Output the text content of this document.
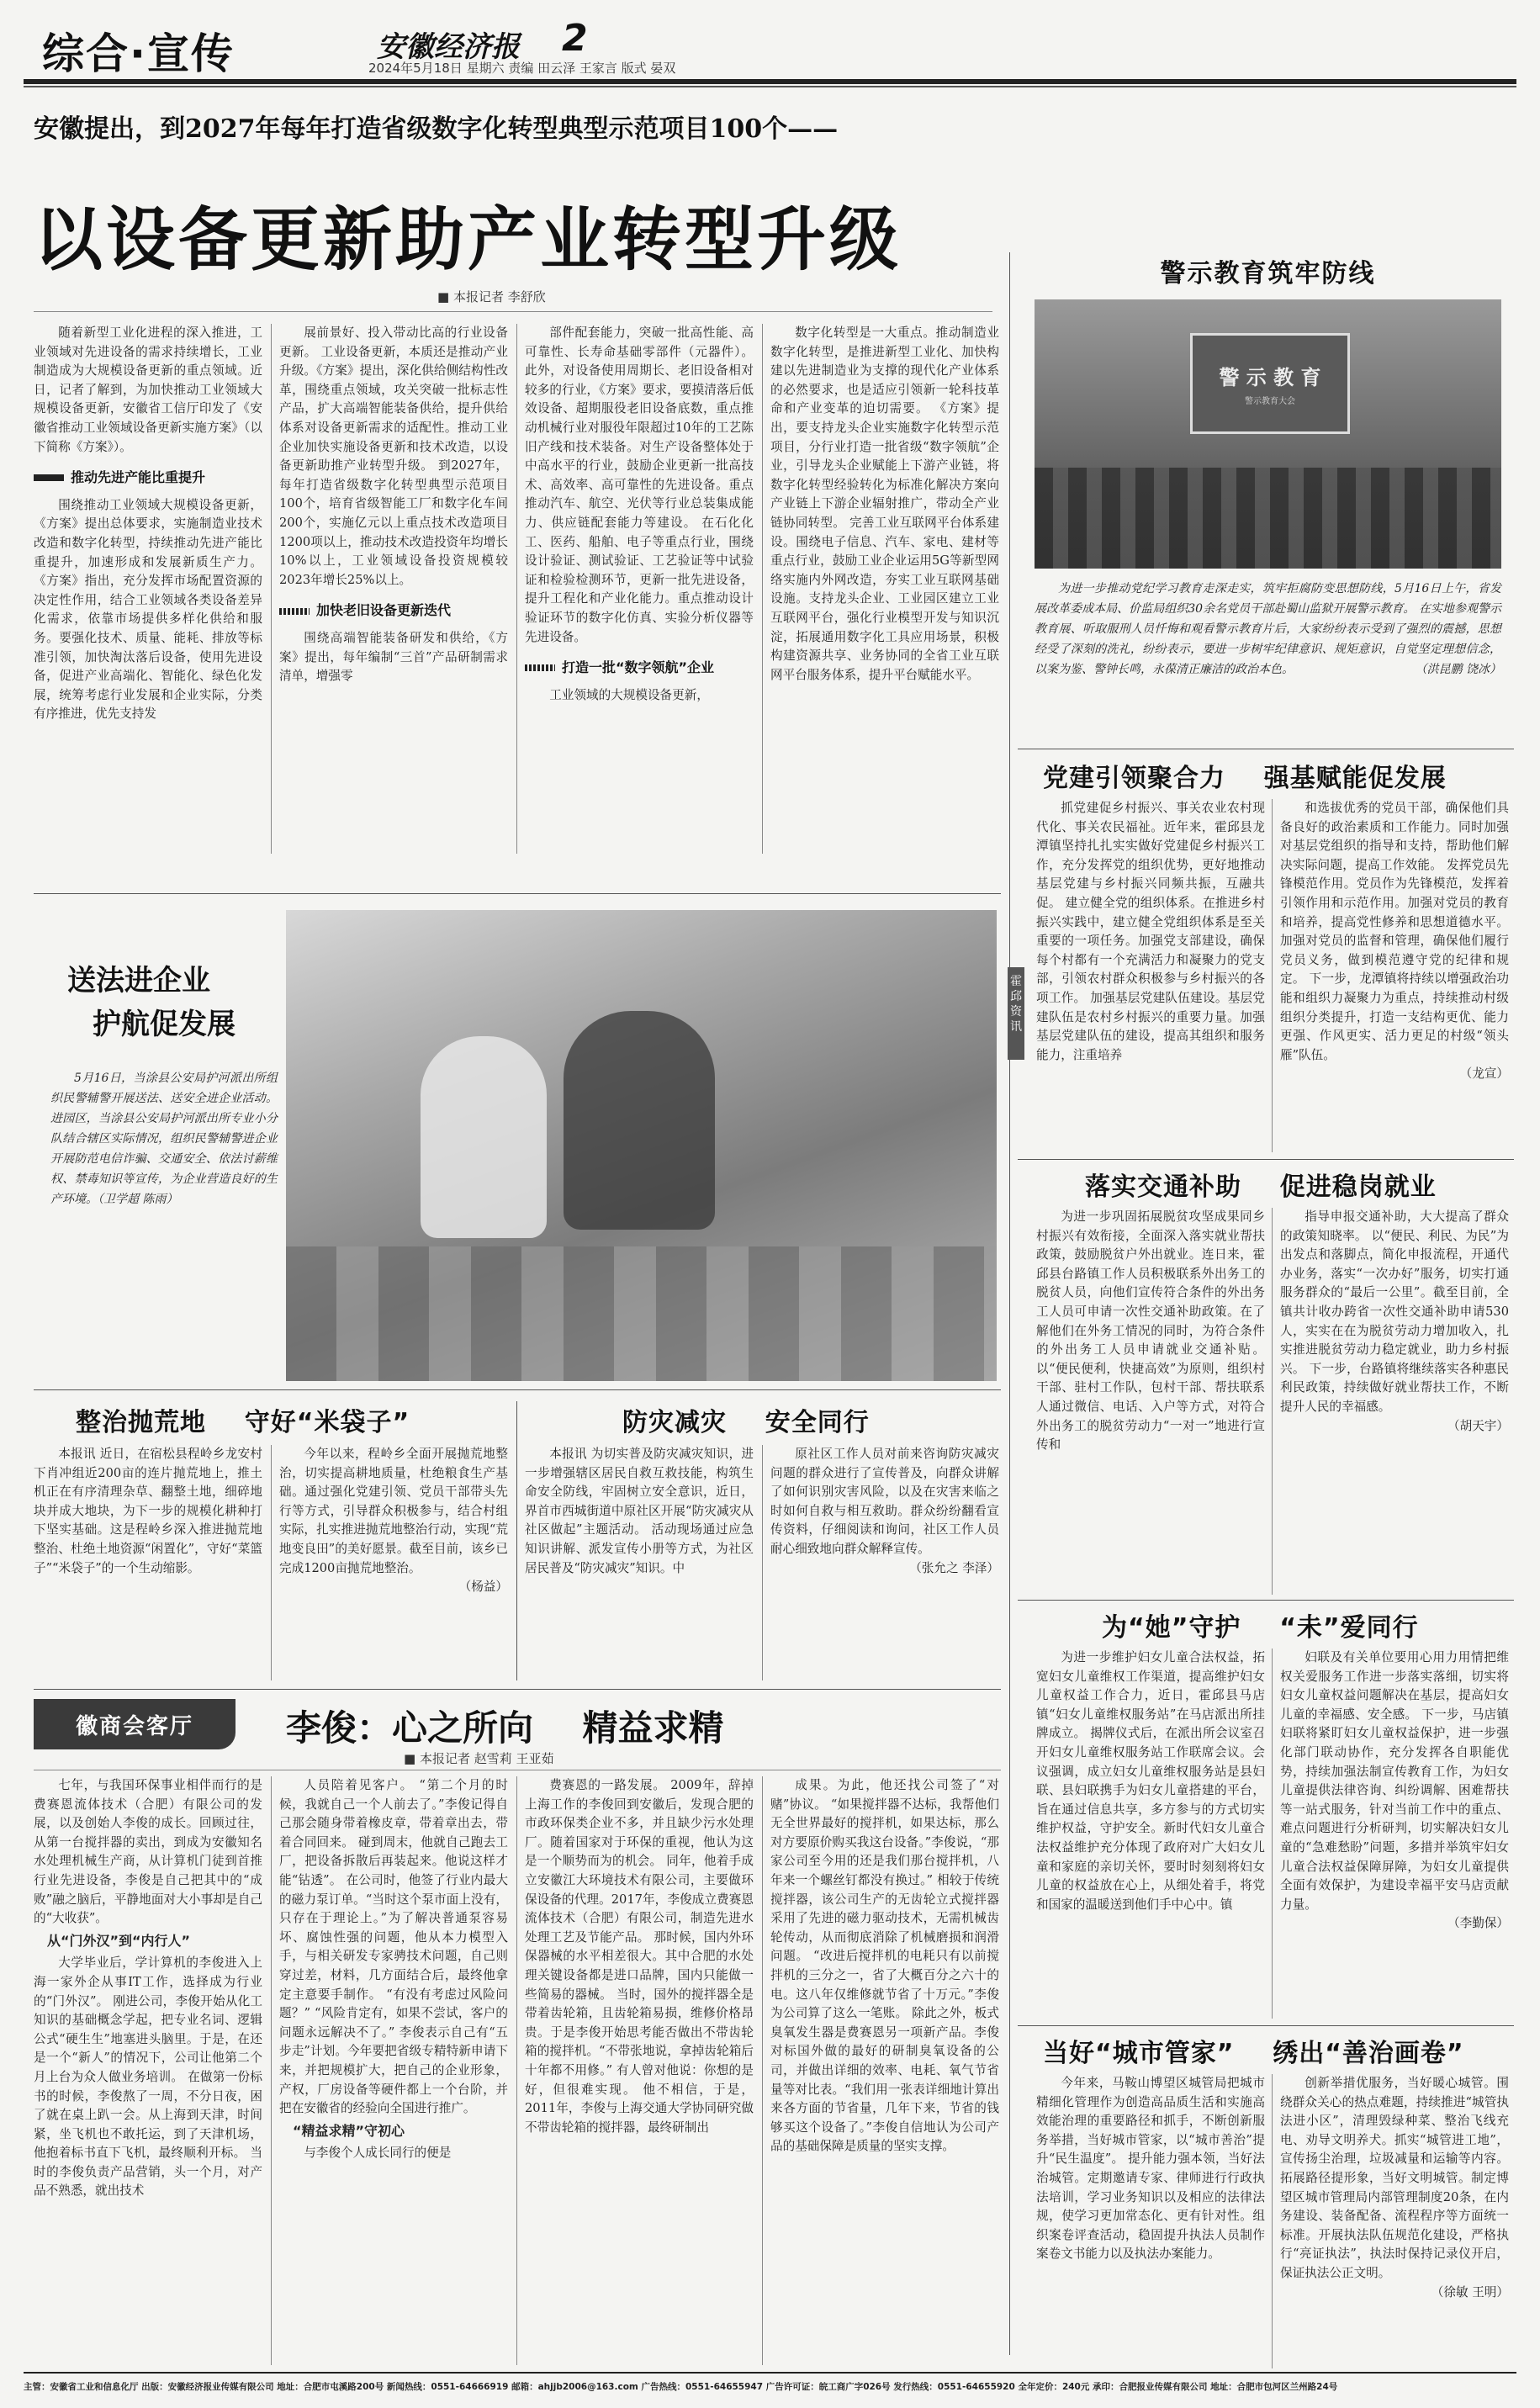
综合·宣传	安徽经济报 2
2024年5月18日 星期六 责编 田云泽 王家言 版式 晏双
安徽提出，到2027年每年打造省级数字化转型典型示范项目100个——
以设备更新助产业转型升级
■ 本报记者 李舒欣

随着新型工业化进程的深入推进，工业领域对先进设备的需求持续增长，工业制造成为大规模设备更新的重点领域。近日，记者了解到，为加快推动工业领域大规模设备更新，安徽省工信厅印发了《安徽省推动工业领域设备更新实施方案》（以下简称《方案》）。

推动先进产能比重提升

围绕推动工业领域大规模设备更新，《方案》提出总体要求，实施制造业技术改造和数字化转型，持续推动先进产能比重提升，加速形成和发展新质生产力。 《方案》指出，充分发挥市场配置资源的决定性作用，结合工业领域各类设备差异化需求，依靠市场提供多样化供给和服务。要强化技术、质量、能耗、排放等标准引领，加快淘汰落后设备，使用先进设备，促进产业高端化、智能化、绿色化发展，统筹考虑行业发展和企业实际，分类有序推进，优先支持发

展前景好、投入带动比高的行业设备更新。 工业设备更新，本质还是推动产业升级。《方案》提出，深化供给侧结构性改革，围绕重点领域，攻关突破一批标志性产品，扩大高端智能装备供给，提升供给体系对设备更新需求的适配性。推动工业企业加快实施设备更新和技术改造，以设备更新助推产业转型升级。 到2027年，每年打造省级数字化转型典型示范项目100个，培育省级智能工厂和数字化车间200个，实施亿元以上重点技术改造项目1200项以上，推动技术改造投资年均增长10%以上，工业领域设备投资规模较2023年增长25%以上。

加快老旧设备更新迭代

围绕高端智能装备研发和供给，《方案》提出，每年编制“三首”产品研制需求清单，增强零

部件配套能力，突破一批高性能、高可靠性、长寿命基础零部件（元器件）。 此外，对设备使用周期长、老旧设备相对较多的行业，《方案》要求，要摸清落后低效设备、超期服役老旧设备底数，重点推动机械行业对服役年限超过10年的工艺陈旧产线和技术装备。对生产设备整体处于中高水平的行业，鼓励企业更新一批高技术、高效率、高可靠性的先进设备。重点推动汽车、航空、光伏等行业总装集成能力、供应链配套能力等建设。 在石化化工、医药、船舶、电子等重点行业，围绕设计验证、测试验证、工艺验证等中试验证和检验检测环节，更新一批先进设备，提升工程化和产业化能力。重点推动设计验证环节的数字化仿真、实验分析仪器等先进设备。

打造一批“数字领航”企业

工业领域的大规模设备更新，

数字化转型是一大重点。推动制造业数字化转型，是推进新型工业化、加快构建以先进制造业为支撑的现代化产业体系的必然要求，也是适应引领新一轮科技革命和产业变革的迫切需要。 《方案》提出，要支持龙头企业实施数字化转型示范项目，分行业打造一批省级“数字领航”企业，引导龙头企业赋能上下游产业链，将数字化转型经验转化为标准化解决方案向产业链上下游企业辐射推广，带动全产业链协同转型。 完善工业互联网平台体系建设。围绕电子信息、汽车、家电、建材等重点行业，鼓励工业企业运用5G等新型网络实施内外网改造，夯实工业互联网基础设施。支持龙头企业、工业园区建立工业互联网平台，强化行业模型开发与知识沉淀，拓展通用数字化工具应用场景，积极构建资源共享、业务协同的全省工业互联网平台服务体系，提升平台赋能水平。

警示教育筑牢防线
警 示 教 育
警示教育大会
为进一步推动党纪学习教育走深走实，筑牢拒腐防变思想防线，5月16日上午，省发展改革委成本局、价监局组织30余名党员干部赴蜀山监狱开展警示教育。 在实地参观警示教育展、听取服刑人员忏悔和观看警示教育片后，大家纷纷表示受到了强烈的震撼，思想经受了深刻的洗礼，纷纷表示，要进一步树牢纪律意识、规矩意识，自觉坚定理想信念，以案为鉴、警钟长鸣，永葆清正廉洁的政治本色。	（洪昆鹏 饶冰）
霍邱资讯
党建引领聚合力    强基赋能促发展

抓党建促乡村振兴、事关农业农村现代化、事关农民福祉。近年来，霍邱县龙潭镇坚持扎扎实实做好党建促乡村振兴工作，充分发挥党的组织优势，更好地推动基层党建与乡村振兴同频共振，互融共促。 建立健全党的组织体系。在推进乡村振兴实践中，建立健全党组织体系是至关重要的一项任务。加强党支部建设，确保每个村都有一个充满活力和凝聚力的党支部，引领农村群众积极参与乡村振兴的各项工作。 加强基层党建队伍建设。基层党建队伍是农村乡村振兴的重要力量。加强基层党建队伍的建设，提高其组织和服务能力，注重培养

和选拔优秀的党员干部，确保他们具备良好的政治素质和工作能力。同时加强对基层党组织的指导和支持，帮助他们解决实际问题，提高工作效能。 发挥党员先锋模范作用。党员作为先锋模范，发挥着引领作用和示范作用。加强对党员的教育和培养，提高党性修养和思想道德水平。加强对党员的监督和管理，确保他们履行党员义务，做到模范遵守党的纪律和规定。 下一步，龙潭镇将持续以增强政治功能和组织力凝聚力为重点，持续推动村级组织分类提升，打造一支结构更优、能力更强、作风更实、活力更足的村级“领头雁”队伍。

（龙宣）

落实交通补助    促进稳岗就业

为进一步巩固拓展脱贫攻坚成果同乡村振兴有效衔接，全面深入落实就业帮扶政策，鼓励脱贫户外出就业。连日来，霍邱县台路镇工作人员积极联系外出务工的脱贫人员，向他们宣传符合条件的外出务工人员可申请一次性交通补助政策。在了解他们在外务工情况的同时，为符合条件的外出务工人员申请就业交通补贴。 以“便民便利，快捷高效”为原则，组织村干部、驻村工作队，包村干部、帮扶联系人通过微信、电话、入户等方式，对符合外出务工的脱贫劳动力“一对一”地进行宣传和

指导申报交通补助，大大提高了群众的政策知晓率。 以“便民、利民、为民”为出发点和落脚点，简化申报流程，开通代办业务，落实“一次办好”服务，切实打通服务群众的“最后一公里”。截至目前，全镇共计收办跨省一次性交通补助申请530人，实实在在为脱贫劳动力增加收入，扎实推进脱贫劳动力稳定就业，助力乡村振兴。 下一步，台路镇将继续落实各种惠民利民政策，持续做好就业帮扶工作，不断提升人民的幸福感。

（胡天宇）

为“她”守护    “未”爱同行

为进一步维护妇女儿童合法权益，拓宽妇女儿童维权工作渠道，提高维护妇女儿童权益工作合力，近日，霍邱县马店镇“妇女儿童维权服务站”在马店派出所挂牌成立。 揭牌仪式后，在派出所会议室召开妇女儿童维权服务站工作联席会议。会议强调，成立妇女儿童维权服务站是县妇联、县妇联携手为妇女儿童搭建的平台，旨在通过信息共享，多方参与的方式切实维护权益，守护安全。新时代妇女儿童合法权益维护充分体现了政府对广大妇女儿童和家庭的亲切关怀，要时时刻刻将妇女儿童的权益放在心上，从细处着手，将党和国家的温暖送到他们手中心中。镇

妇联及有关单位要用心用力用情把维权关爱服务工作进一步落实落细，切实将妇女儿童权益问题解决在基层，提高妇女儿童的幸福感、安全感。 下一步，马店镇妇联将紧盯妇女儿童权益保护，进一步强化部门联动协作，充分发挥各自职能优势，持续加强法制宣传教育工作，为妇女儿童提供法律咨询、纠纷调解、困难帮扶等一站式服务，针对当前工作中的重点、难点问题进行分析研判，切实解决妇女儿童的“急难愁盼”问题，多措并举筑牢妇女儿童合法权益保障屏障，为妇女儿童提供全面有效保护，为建设幸福平安马店贡献力量。

（李勤保）

当好“城市管家”    绣出“善治画卷”

今年来，马鞍山博望区城管局把城市精细化管理作为创造高品质生活和实施高效能治理的重要路径和抓手，不断创新服务举措，当好城市管家，以“城市善治”提升“民生温度”。 提升能力强本领，当好法治城管。定期邀请专家、律师进行行政执法培训，学习业务知识以及相应的法律法规，使学习更加常态化、更有针对性。组织案卷评查活动，稳固提升执法人员制作案卷文书能力以及执法办案能力。

创新举措优服务，当好暖心城管。围绕群众关心的热点难题，持续推进“城管执法进小区”，清理毁绿种菜、整治飞线充电、劝导文明养犬。抓实“城管进工地”，宣传扬尘治理，垃圾减量和运输等内容。 拓展路径提形象，当好文明城管。制定博望区城市管理局内部管理制度20条，在内务建设、装备配备、流程程序等方面统一标准。开展执法队伍规范化建设，严格执行“亮证执法”，执法时保持记录仪开启，保证执法公正文明。

（徐敏 王明）

送法进企业
护航促发展
5月16日，当涂县公安局护河派出所组织民警辅警开展送法、送安全进企业活动。 进园区，当涂县公安局护河派出所专业小分队结合辖区实际情况，组织民警辅警进企业开展防范电信诈骗、交通安全、依法讨薪维权、禁毒知识等宣传，为企业营造良好的生产环境。（卫学超 陈雨）
整治抛荒地    守好“米袋子”

本报讯 近日，在宿松县程岭乡龙安村下肖冲组近200亩的连片抛荒地上，推土机正在有序清理杂草、翻整土地，细碎地块并成大地块，为下一步的规模化耕种打下坚实基础。这是程岭乡深入推进抛荒地整治、杜绝土地资源“闲置化”，守好“菜篮子”“米袋子”的一个生动缩影。

今年以来，程岭乡全面开展抛荒地整治，切实提高耕地质量，杜绝粮食生产基础。通过强化党建引领、党员干部带头先行等方式，引导群众积极参与，结合村组实际，扎实推进抛荒地整治行动，实现“荒地变良田”的美好愿景。截至目前，该乡已完成1200亩抛荒地整治。

（杨益）

防灾减灾    安全同行

本报讯 为切实普及防灾减灾知识，进一步增强辖区居民自救互救技能，构筑生命安全防线，牢固树立安全意识，近日，界首市西城街道中原社区开展“防灾减灾从社区做起”主题活动。 活动现场通过应急知识讲解、派发宣传小册等方式，为社区居民普及“防灾减灾”知识。中

原社区工作人员对前来咨询防灾减灾问题的群众进行了宣传普及，向群众讲解了如何识别灾害风险，以及在灾害来临之时如何自救与相互救助。群众纷纷翻看宣传资料，仔细阅读和询问，社区工作人员耐心细致地向群众解释宣传。

（张允之 李泽）

徽商会客厅	李俊：心之所向    精益求精
■ 本报记者 赵雪莉 王亚茹

七年，与我国环保事业相伴而行的是费赛恩流体技术（合肥）有限公司的发展，以及创始人李俊的成长。回顾过往，从第一台搅拌器的卖出，到成为安徽知名水处理机械生产商，从计算机门徒到首推行业先进设备，李俊是自己把其中的“成败”融之脑后，平静地面对大小事却是自己的“大收获”。

从“门外汉”到“内行人”

大学毕业后，学计算机的李俊进入上海一家外企从事IT工作，选择成为行业的“门外汉”。 刚进公司，李俊开始从化工知识的基础概念学起，把专业名词、逻辑公式“硬生生”地塞进头脑里。于是，在还是一个“新人”的情况下，公司让他第二个月上台为众人做业务培训。 在做第一份标书的时候，李俊熬了一周，不分日夜，困了就在桌上趴一会。从上海到天津，时间紧，坐飞机也不敢托运，到了天津机场，他抱着标书直下飞机，最终顺利开标。 当时的李俊负责产品营销，头一个月，对产品不熟悉，就出技术

人员陪着见客户。 “第二个月的时候，我就自己一个人前去了。”李俊记得自己那会随身带着橡皮章，带着章出去，带着合同回来。 碰到周末，他就自己跑去工厂，把设备拆散后再装起来。他说这样才能“钻透”。 在公司时，他签了行业内最大的磁力泵订单。“当时这个泵市面上没有，只存在于理论上。”为了解决普通泵容易坏、腐蚀性强的问题，他从本力模型入手，与相关研发专家骋技术问题，自己则穿过差，材料，几方面结合后，最终他拿定主意要手制作。 “有没有考虑过风险问题？” “风险肯定有，如果不尝试，客户的问题永远解决不了。” 李俊表示自己有“五步走”计划。今年要把省级专精特新申请下来，并把规模扩大，把自己的企业形象，产权，厂房设备等硬件都上一个台阶，并把在安徽省的经验向全国进行推广。

“精益求精”守初心

与李俊个人成长同行的便是

费赛恩的一路发展。 2009年，辞掉上海工作的李俊回到安徽后，发现合肥的市政环保类企业不多，并且缺少污水处理厂。随着国家对于环保的重视，他认为这是一个顺势而为的机会。 同年，他着手成立安徽江大环境技术有限公司，主要做环保设备的代理。2017年，李俊成立费赛恩流体技术（合肥）有限公司，制造先进水处理工艺及节能产品。 那时候，国内外环保器械的水平相差很大。其中合肥的水处理关键设备都是进口品牌，国内只能做一些简易的器械。 当时，国外的搅拌器全是带着齿轮箱，且齿轮箱易损，维修价格昂贵。于是李俊开始思考能否做出不带齿轮箱的搅拌机。“不带张地说，拿掉齿轮箱后十年都不用修。” 有人曾对他说：你想的是好，但很难实现。 他不相信，于是，2011年，李俊与上海交通大学协同研究做不带齿轮箱的搅拌器，最终研制出

成果。为此，他还找公司签了“对赌”协议。 “如果搅拌器不达标，我帮他们无全世界最好的搅拌机，如果达标，那么对方要原价购买我这台设备。”李俊说，“那家公司至今用的还是我们那台搅拌机，八年来一个螺丝钉都没有换过。” 相较于传统搅拌器，该公司生产的无齿轮立式搅拌器采用了先进的磁力驱动技术，无需机械齿轮传动，从而彻底消除了机械磨损和润滑问题。 “改进后搅拌机的电耗只有以前搅拌机的三分之一，省了大概百分之六十的电。这八年仅维修就节省了十万元。”李俊为公司算了这么一笔账。 除此之外，板式臭氧发生器是费赛恩另一项新产品。李俊对标国外做的最好的研制臭氧设备的公司，并做出详细的效率、电耗、氧气节省量等对比表。“我们用一张表详细地计算出来各方面的节省量，几年下来，节省的钱够买这个设备了。”李俊自信地认为公司产品的基础保障是质量的坚实支撑。

主管：安徽省工业和信息化厅 出版：安徽经济报业传媒有限公司 地址：合肥市屯溪路200号 新闻热线：0551-64666919 邮箱：ahjjb2006@163.com 广告热线：0551-64655947 广告许可证：皖工商广字026号 发行热线：0551-64655920 全年定价：240元 承印：合肥报业传媒有限公司 地址：合肥市包河区兰州路24号
